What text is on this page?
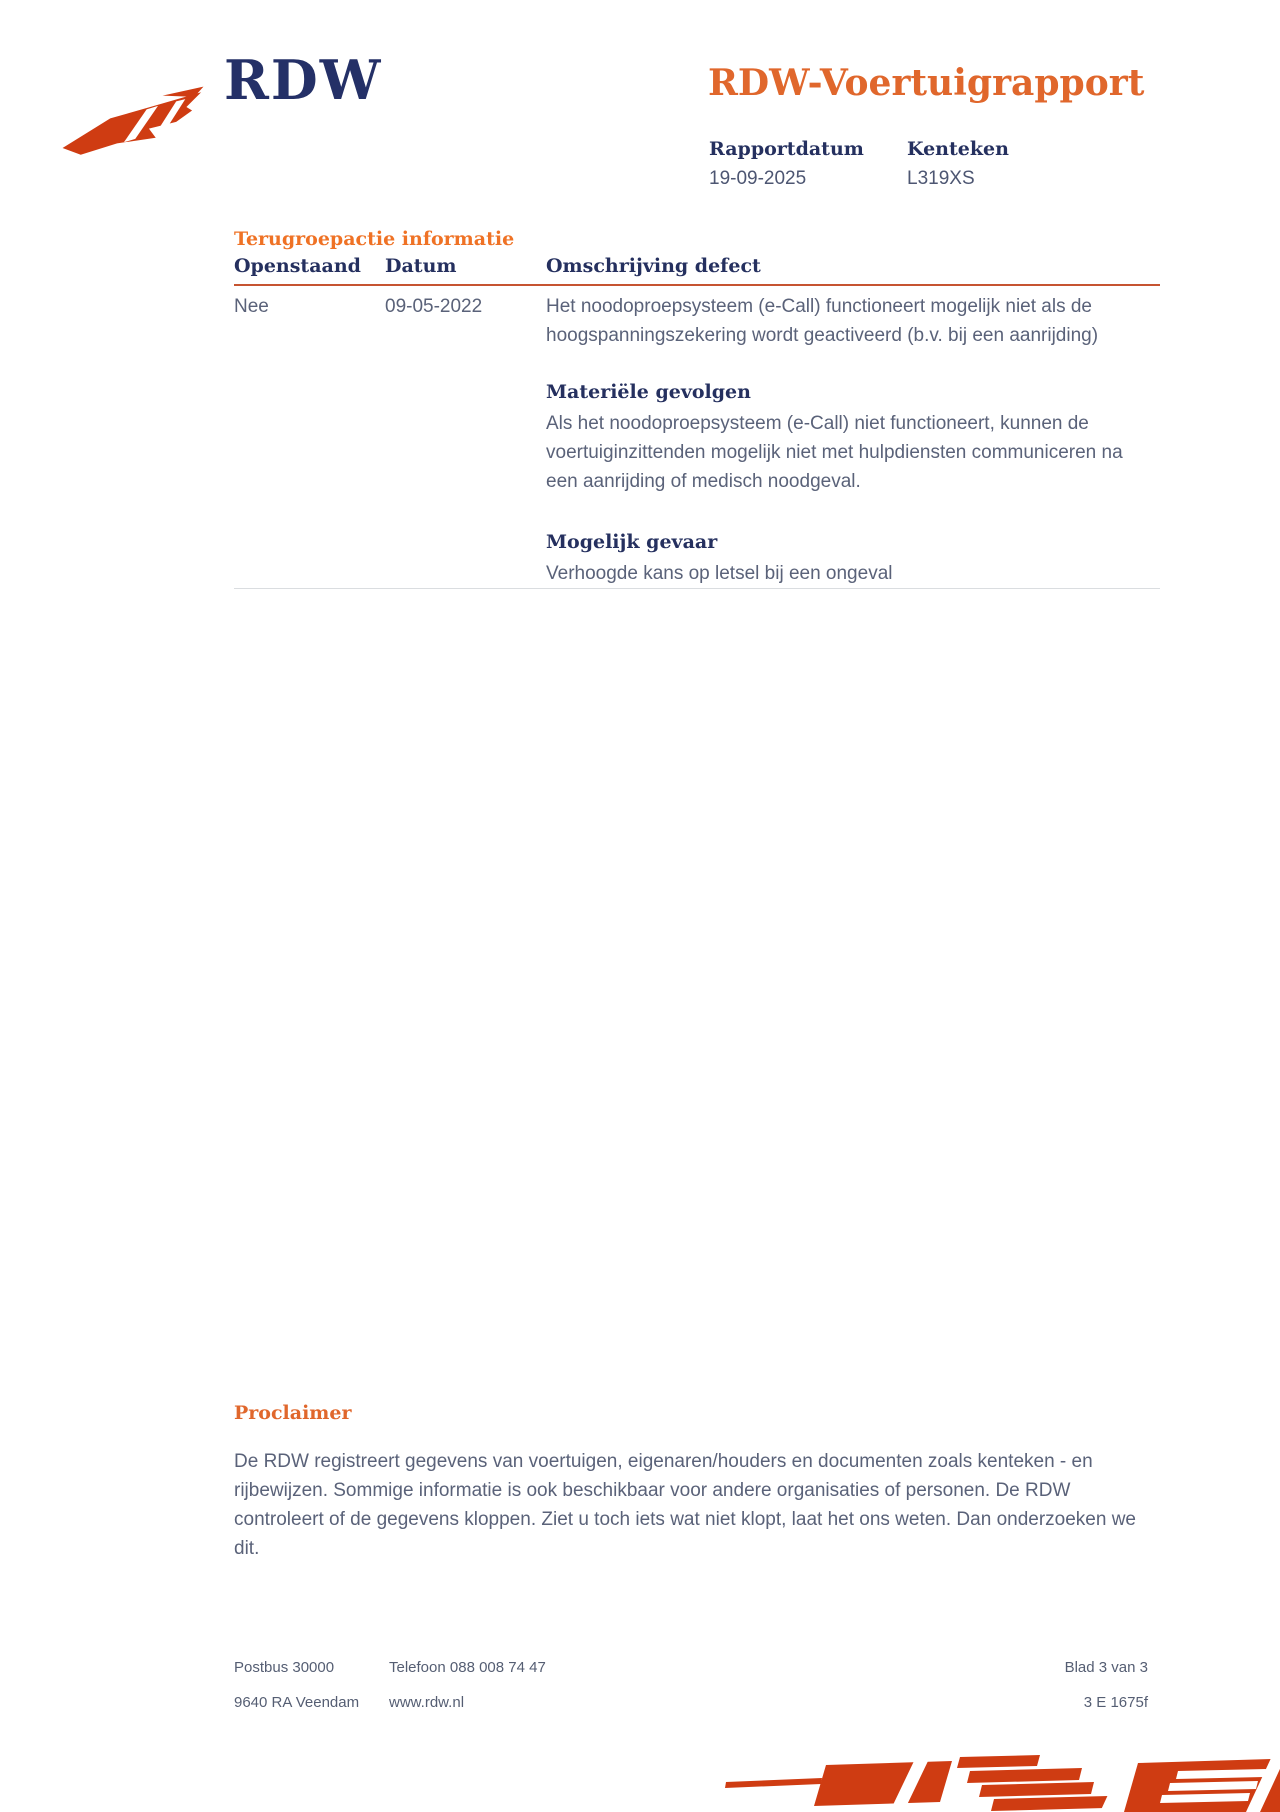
RDW	RDW-Voertuigrapport
Rapportdatum
19-09-2025
Kenteken
L319XS
Terugroepactie informatie
Openstaand Datum	Omschrijving defect
Nee	09-05-2022	Het noodoproepsysteem (e-Call) functioneert mogelijk niet als de hoogspanningszekering wordt geactiveerd (b.v. bij een aanrijding)
Materiële gevolgen
Als het noodoproepsysteem (e-Call) niet functioneert, kunnen de voertuiginzittenden mogelijk niet met hulpdiensten communiceren na een aanrijding of medisch noodgeval.
Mogelijk gevaar
Verhoogde kans op letsel bij een ongeval
Proclaimer
De RDW registreert gegevens van voertuigen, eigenaren/houders en documenten zoals kenteken - en rijbewijzen. Sommige informatie is ook beschikbaar voor andere organisaties of personen. De RDW controleert of de gegevens kloppen. Ziet u toch iets wat niet klopt, laat het ons weten. Dan onderzoeken we dit.
Postbus 30000
9640 RA Veendam
Telefoon 088 008 74 47
www.rdw.nl
Blad 3 van 3
3 E 1675f
